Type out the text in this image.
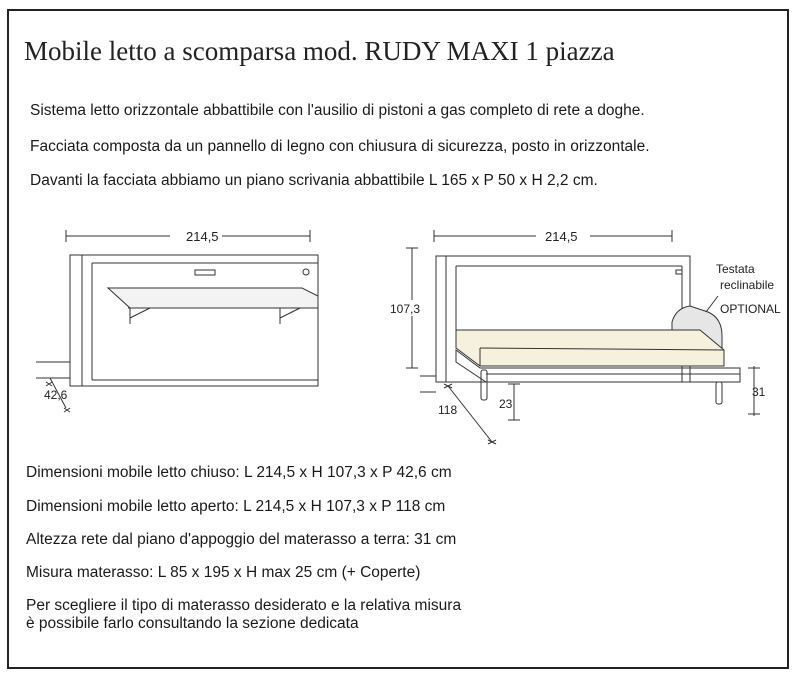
Mobile letto a scomparsa mod. RUDY MAXI 1 piazza
Sistema letto orizzontale abbattibile con l'ausilio di pistoni a gas completo di rete a doghe.
Facciata composta da un pannello di legno con chiusura di sicurezza, posto in orizzontale.
Davanti la facciata abbiamo un piano scrivania abbattibile L 165 x P 50 x H 2,2 cm.
214,5
42,6
214,5
107,3
118	23
31
Testata
reclinabile
OPTIONAL
Dimensioni mobile letto chiuso: L 214,5 x H 107,3 x P 42,6 cm
Dimensioni mobile letto aperto: L 214,5 x H 107,3 x P 118 cm
Altezza rete dal piano d'appoggio del materasso a terra: 31 cm
Misura materasso: L 85 x 195 x H max 25 cm (+ Coperte)
Per scegliere il tipo di materasso desiderato e la relativa misura
è possibile farlo consultando la sezione dedicata
